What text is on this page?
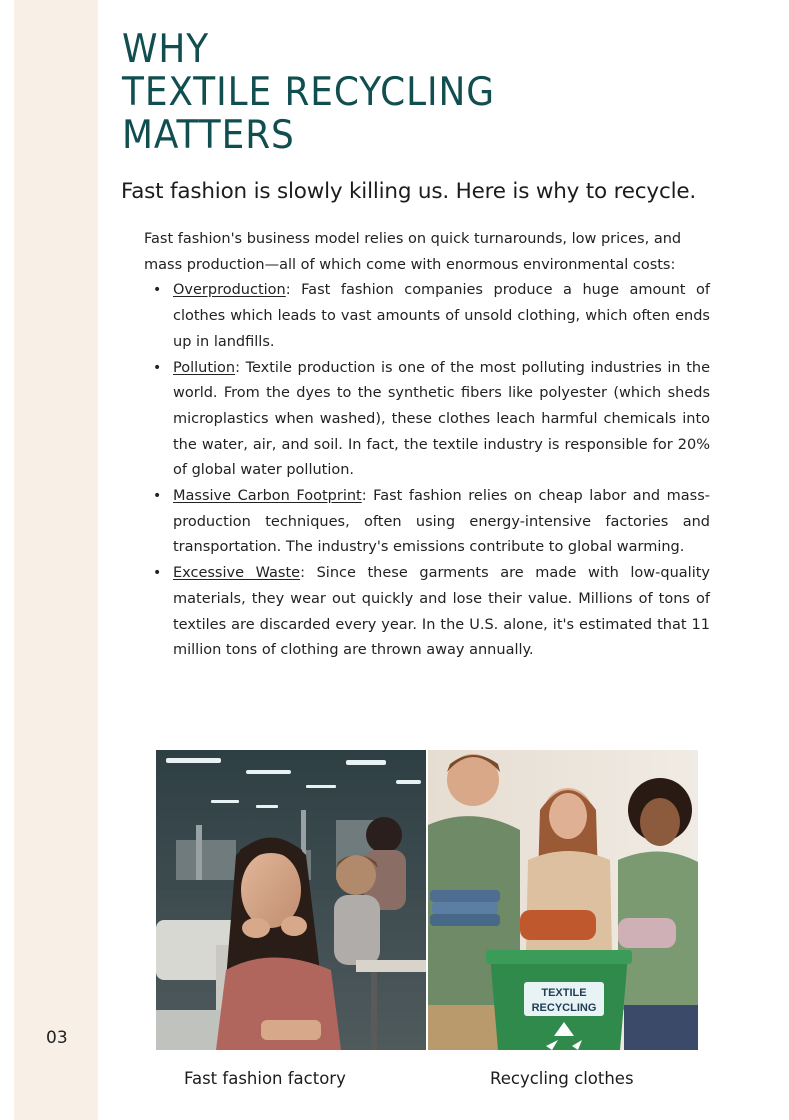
03
WHY
TEXTILE RECYCLING
MATTERS
Fast fashion is slowly killing us. Here is why to recycle.

Fast fashion's business model relies on quick turnarounds, low prices, and mass production—all of which come with enormous environmental costs:

• Overproduction: Fast fashion companies produce a huge amount of clothes which leads to vast amounts of unsold clothing, which often ends up in landfills.
• Pollution: Textile production is one of the most polluting industries in the world. From the dyes to the synthetic fibers like polyester (which sheds microplastics when washed), these clothes leach harmful chemicals into the water, air, and soil. In fact, the textile industry is responsible for 20% of global water pollution.
• Massive Carbon Footprint: Fast fashion relies on cheap labor and mass-production techniques, often using energy-intensive factories and transportation. The industry's emissions contribute to global warming.
• Excessive Waste: Since these garments are made with low-quality materials, they wear out quickly and lose their value. Millions of tons of textiles are discarded every year. In the U.S. alone, it's estimated that 11 million tons of clothing are thrown away annually.
TEXTILE
RECYCLING
Fast fashion factory	Recycling clothes
